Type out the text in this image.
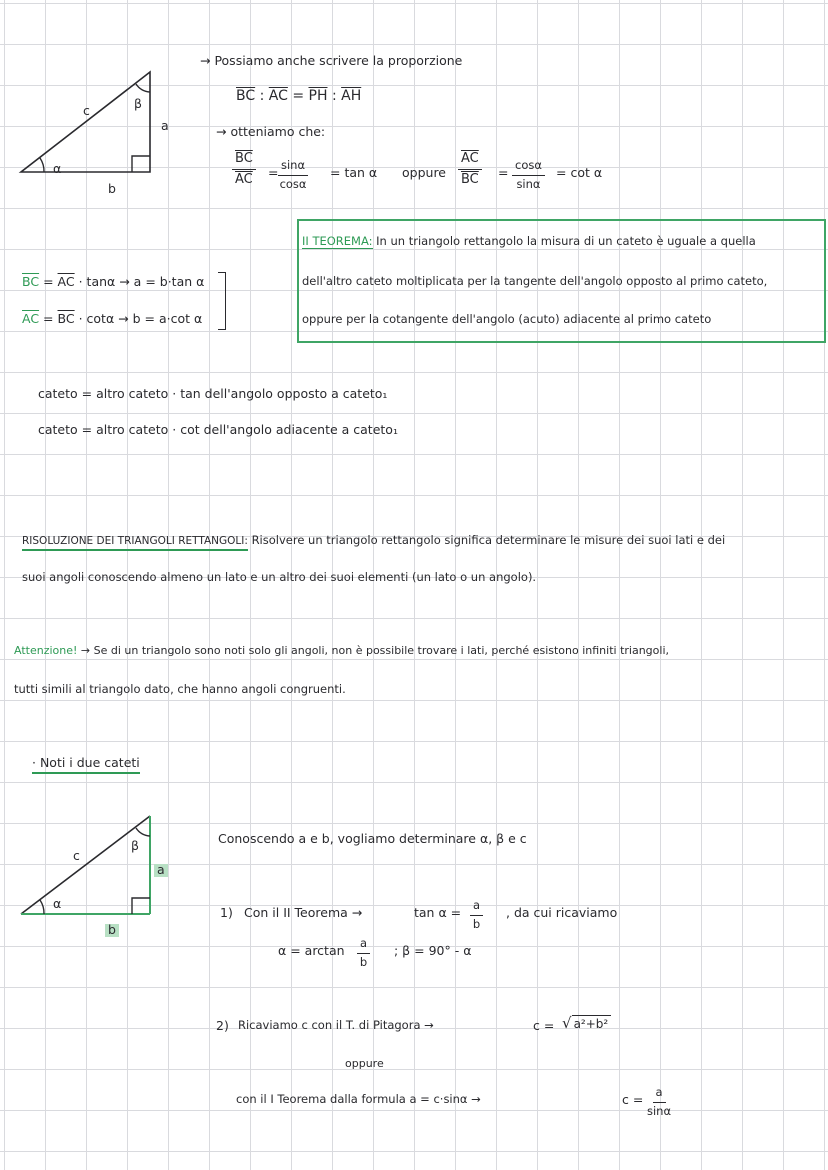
c	β
a
α
b
→ Possiamo anche scrivere la proporzione
$\overline{BC}$ : $\overline{AC} = \overline{PH}$ : $\overline{AH}$
→ otteniamo che:
$\frac{\overline{BC}}{AC} = \frac{\sin\alpha}{\cos\alpha} = \tan \alpha$ oppure $\frac{\overline{AC}}{BC} = \frac{\cos\alpha}{\sin\alpha} = \cot \alpha$
$\overline{BC} = \overline{AC} \cdot \tan\alpha \to a = b\cdot\tan$ α
$\overline{AC} = \overline{BC} \cdot \cot\alpha \to b = a\cdot\cot$ α
II TEOREMA: In un triangolo rettangolo la misura di un cateto è uguale a quella
dell'altro cateto moltiplicata per la tangente dell'angolo opposto al primo cateto,
oppure per la cotangente dell'angolo (acuto) adiacente al primo cateto
cateto = altro cateto · tan dell'angolo opposto a cateto₁
cateto = altro cateto · cot dell'angolo adiacente a cateto₁
RISOLUZIONE DEI TRIANGOLI RETTANGOLI: Risolvere un triangolo rettangolo significa determinare le misure dei suoi lati e dei
suoi angoli conoscendo almeno un lato e un altro dei suoi elementi (un lato o un angolo).
Attenzione! → Se di un triangolo sono noti solo gli angoli, non è possibile trovare i lati, perché esistono infiniti triangoli,
tutti simili al triangolo dato, che hanno angoli congruenti.
· Noti i due cateti
c
β
a
α
b
Conoscendo a e b, vogliamo determinare α, β e c
1) Con il II Teorema →	$\tan \alpha = \frac{a}{b}$ , da cui ricaviamo
$\alpha = \arctan \frac{a}{b}$ ; β = 90° - α
2) Ricaviamo c con il T. di Pitagora →	c = √ a²+b²
oppure
con il I Teorema dalla formula a = c·sinα →	$c = \frac{a}{\sin\alpha}$
